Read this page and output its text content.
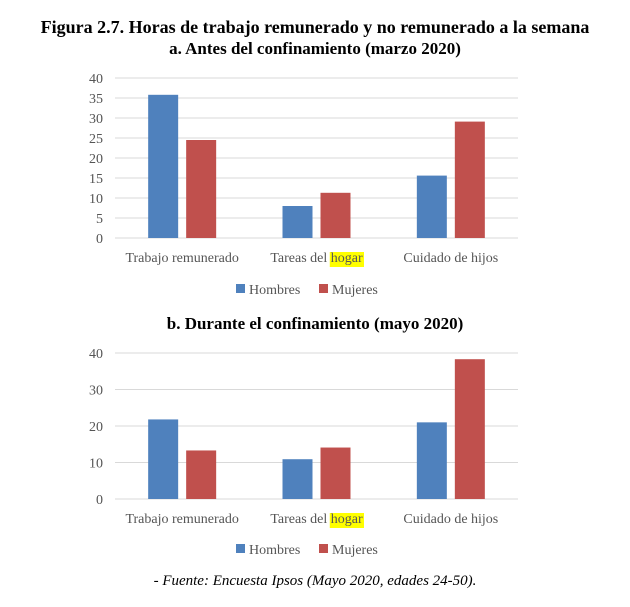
Figura 2.7. Horas de trabajo remunerado y no remunerado a la semana
a. Antes del confinamiento (marzo 2020)
0
5
10
15
20
25
30
35
40
Trabajo remunerado Tareas del hogar	Cuidado de hijos
Hombres Mujeres
b. Durante el confinamiento (mayo 2020)
0
10
20
30
40
Trabajo remunerado Tareas del hogar	Cuidado de hijos
Hombres Mujeres
- Fuente: Encuesta Ipsos (Mayo 2020, edades 24-50).
